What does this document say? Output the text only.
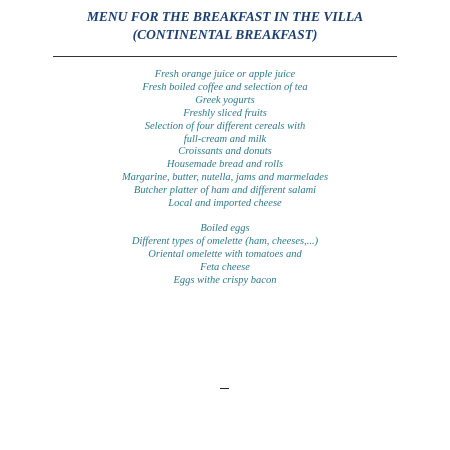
MENU FOR THE BREAKFAST IN THE VILLA
(CONTINENTAL BREAKFAST)
Fresh orange juice or apple juice
Fresh boiled coffee and selection of tea
Greek yogurts
Freshly sliced fruits
Selection of four different cereals with
full-cream and milk
Croissants and donuts
Housemade bread and rolls
Margarine, butter, nutella, jams and marmelades
Butcher platter of ham and different salami
Local and imported cheese
Boiled eggs
Different types of omelette (ham, cheeses,...)
Oriental omelette with tomatoes and
Feta cheese
Eggs withe crispy bacon
